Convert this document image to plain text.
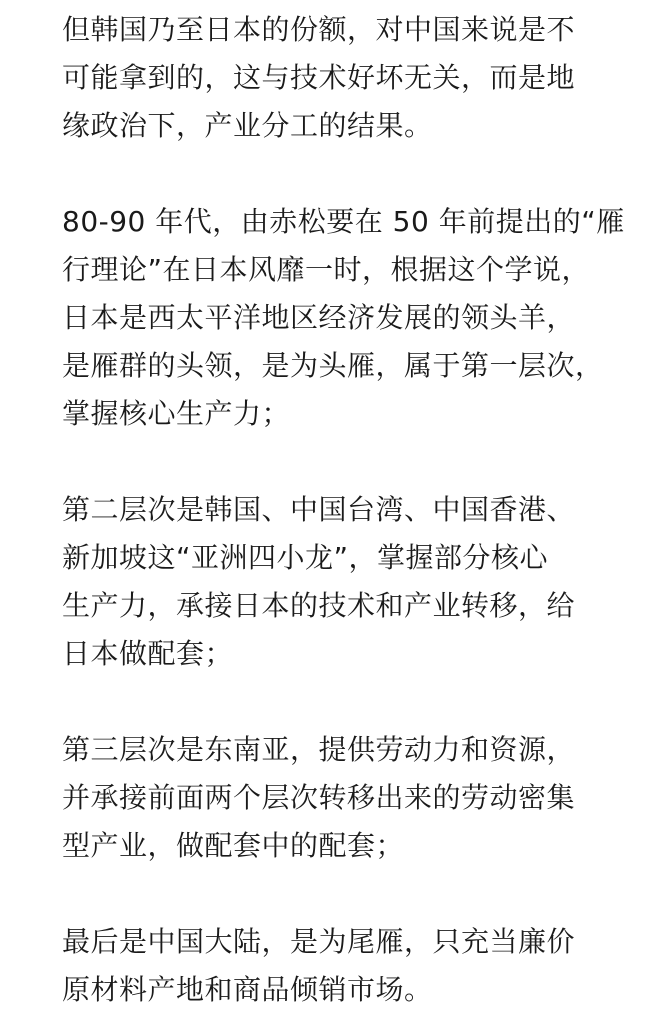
但韩国乃至日本的份额，对中国来说是不
可能拿到的，这与技术好坏无关，而是地
缘政治下，产业分工的结果。
80-90 年代，由赤松要在 50 年前提出的“雁
行理论”在日本风靡一时，根据这个学说，
日本是西太平洋地区经济发展的领头羊，
是雁群的头领，是为头雁，属于第一层次，
掌握核心生产力；
第二层次是韩国、中国台湾、中国香港、
新加坡这“亚洲四小龙”，掌握部分核心
生产力，承接日本的技术和产业转移，给
日本做配套；
第三层次是东南亚，提供劳动力和资源，
并承接前面两个层次转移出来的劳动密集
型产业，做配套中的配套；
最后是中国大陆，是为尾雁，只充当廉价
原材料产地和商品倾销市场。
